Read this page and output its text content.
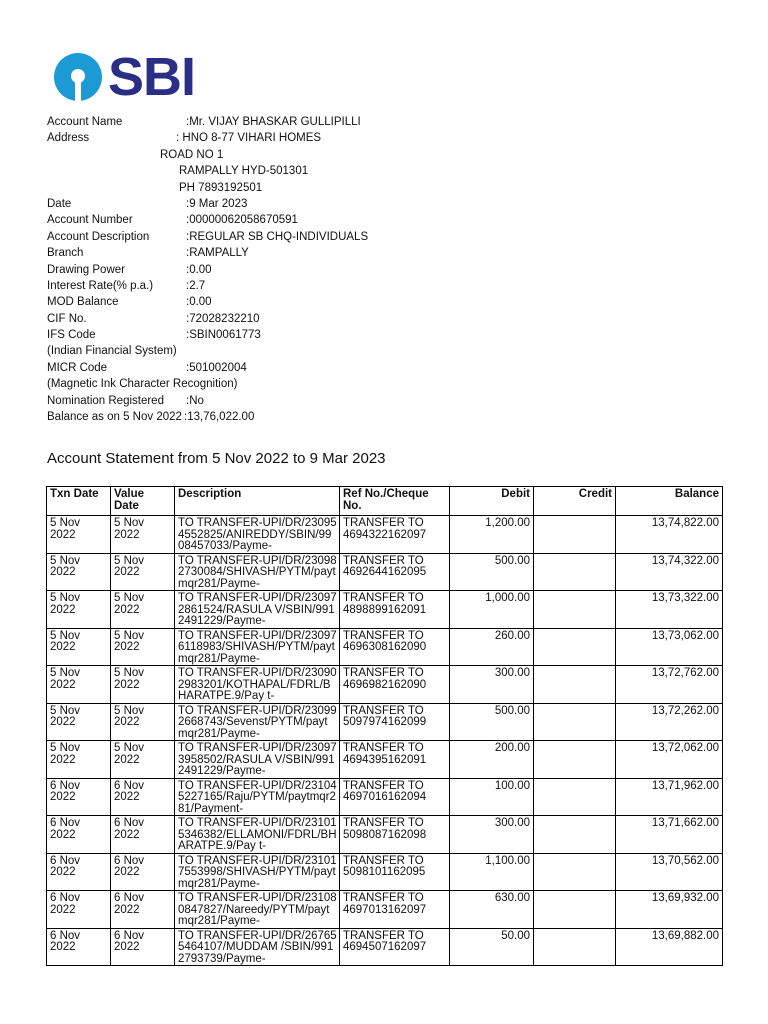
SBI
Account Name	:Mr. VIJAY BHASKAR GULLIPILLI
Address	: HNO 8-77 VIHARI HOMES
ROAD NO 1
RAMPALLY HYD-501301
PH 7893192501
Date	:9 Mar 2023
Account Number	:00000062058670591
Account Description	:REGULAR SB CHQ-INDIVIDUALS
Branch	:RAMPALLY
Drawing Power	:0.00
Interest Rate(% p.a.)	:2.7
MOD Balance	:0.00
CIF No.	:72028232210
IFS Code	:SBIN0061773
(Indian Financial System)
MICR Code	:501002004
(Magnetic Ink Character Recognition)
Nomination Registered :No
Balance as on 5 Nov 2022 :13,76,022.00
Account Statement from 5 Nov 2022 to 9 Mar 2023
Txn Date	Value Date	Description	Ref No./Cheque No.	Debit	Credit	Balance
5 Nov 2022	5 Nov 2022	TO TRANSFER-UPI/DR/230954552825/ANIREDDY/SBIN/9908457033/Payme-	TRANSFER TO 4694322162097	1,200.00		13,74,822.00
5 Nov 2022	5 Nov 2022	TO TRANSFER-UPI/DR/230982730084/SHIVASH/PYTM/paytmqr281/Payme-	TRANSFER TO 4692644162095	500.00		13,74,322.00
5 Nov 2022	5 Nov 2022	TO TRANSFER-UPI/DR/230972861524/RASULA V/SBIN/9912491229/Payme-	TRANSFER TO 4898899162091	1,000.00		13,73,322.00
5 Nov 2022	5 Nov 2022	TO TRANSFER-UPI/DR/230976118983/SHIVASH/PYTM/paytmqr281/Payme-	TRANSFER TO 4696308162090	260.00		13,73,062.00
5 Nov 2022	5 Nov 2022	TO TRANSFER-UPI/DR/230902983201/KOTHAPAL/FDRL/BHARATPE.9/Pay t-	TRANSFER TO 4696982162090	300.00		13,72,762.00
5 Nov 2022	5 Nov 2022	TO TRANSFER-UPI/DR/230992668743/Sevenst/PYTM/paytmqr281/Payme-	TRANSFER TO 5097974162099	500.00		13,72,262.00
5 Nov 2022	5 Nov 2022	TO TRANSFER-UPI/DR/230973958502/RASULA V/SBIN/9912491229/Payme-	TRANSFER TO 4694395162091	200.00		13,72,062.00
6 Nov 2022	6 Nov 2022	TO TRANSFER-UPI/DR/231045227165/Raju/PYTM/paytmqr281/Payment-	TRANSFER TO 4697016162094	100.00		13,71,962.00
6 Nov 2022	6 Nov 2022	TO TRANSFER-UPI/DR/231015346382/ELLAMONI/FDRL/BHARATPE.9/Pay t-	TRANSFER TO 5098087162098	300.00		13,71,662.00
6 Nov 2022	6 Nov 2022	TO TRANSFER-UPI/DR/231017553998/SHIVASH/PYTM/paytmqr281/Payme-	TRANSFER TO 5098101162095	1,100.00		13,70,562.00
6 Nov 2022	6 Nov 2022	TO TRANSFER-UPI/DR/231080847827/Nareedy/PYTM/paytmqr281/Payme-	TRANSFER TO 4697013162097	630.00		13,69,932.00
6 Nov 2022	6 Nov 2022	TO TRANSFER-UPI/DR/267655464107/MUDDAM /SBIN/9912793739/Payme-	TRANSFER TO 4694507162097	50.00		13,69,882.00
